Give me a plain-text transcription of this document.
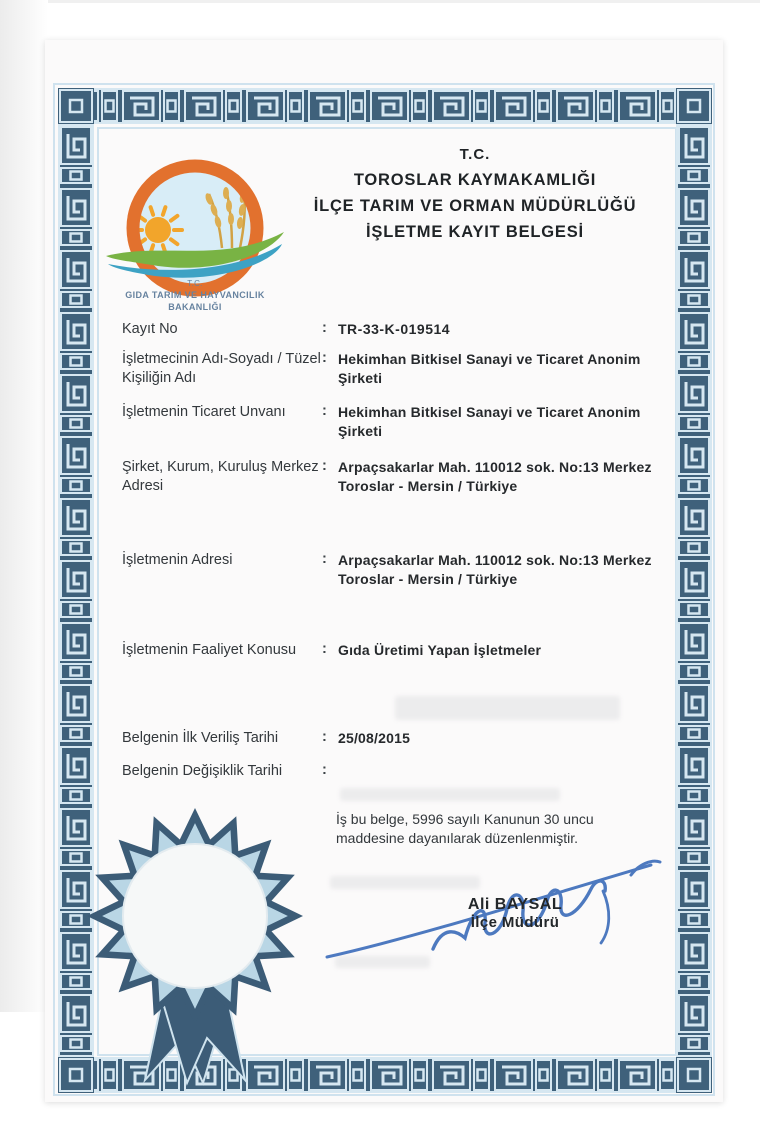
T.C.
GIDA TARIM VE HAYVANCILIK
BAKANLIĞI
T.C.
TOROSLAR KAYMAKAMLIĞI
İLÇE TARIM VE ORMAN MÜDÜRLÜĞÜ
İŞLETME KAYIT BELGESİ
Kayıt No	: TR-33-K-019514
İşletmecinin Adı-Soyadı / Tüzel Kişiliğin Adı
: Hekimhan Bitkisel Sanayi ve Ticaret Anonim Şirketi
İşletmenin Ticaret Unvanı	: Hekimhan Bitkisel Sanayi ve Ticaret Anonim Şirketi
Şirket, Kurum, Kuruluş Merkez Adresi
: Arpaçsakarlar Mah. 110012 sok. No:13 Merkez Toroslar - Mersin / Türkiye
İşletmenin Adresi	: Arpaçsakarlar Mah. 110012 sok. No:13 Merkez Toroslar - Mersin / Türkiye
İşletmenin Faaliyet Konusu	: Gıda Üretimi Yapan İşletmeler
Belgenin İlk Veriliş Tarihi	: 25/08/2015
Belgenin Değişiklik Tarihi	:
İş bu belge, 5996 sayılı Kanunun 30 uncu maddesine dayanılarak düzenlenmiştir.
Ali BAYSAL
İlçe Müdürü
